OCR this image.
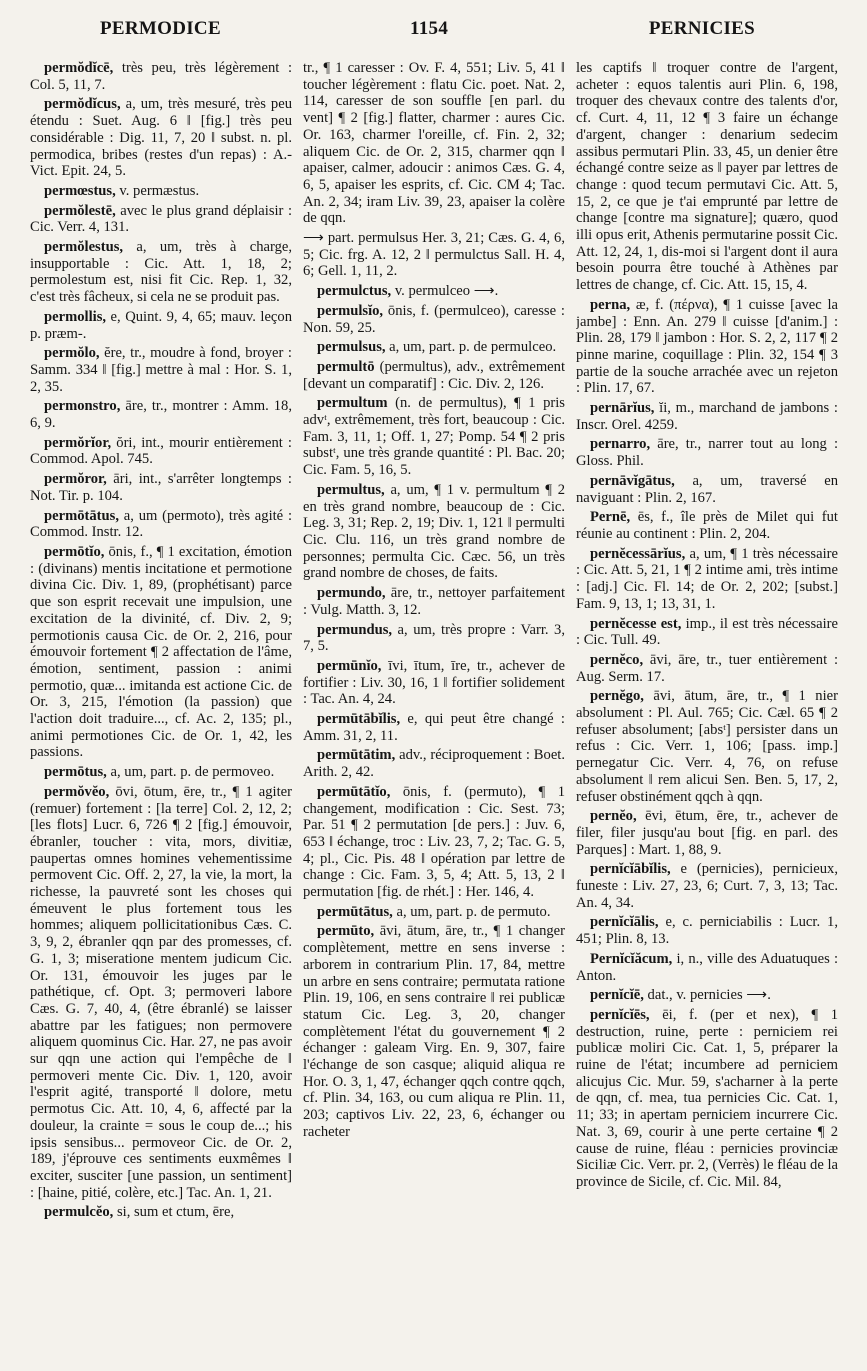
PERMODICE	1154	PERNICIES

permŏdĭcē, très peu, très légèrement : Col. 5, 11, 7.

permŏdĭcus, a, um, très mesuré, très peu étendu : Suet. Aug. 6 ‖ [fig.] très peu considérable : Dig. 11, 7, 20 ‖ subst. n. pl. permodica, bribes (restes d'un repas) : A.-Vict. Epit. 24, 5.

permœstus, v. permæstus.

permŏlestē, avec le plus grand déplaisir : Cic. Verr. 4, 131.

permŏlestus, a, um, très à charge, insupportable : Cic. Att. 1, 18, 2; permolestum est, nisi fit Cic. Rep. 1, 32, c'est très fâcheux, si cela ne se produit pas.

permollis, e, Quint. 9, 4, 65; mauv. leçon p. præm-.

permŏlo, ĕre, tr., moudre à fond, broyer : Samm. 334 ‖ [fig.] mettre à mal : Hor. S. 1, 2, 35.

permonstro, āre, tr., montrer : Amm. 18, 6, 9.

permŏrĭor, ŏri, int., mourir entièrement : Commod. Apol. 745.

permŏror, āri, int., s'arrêter longtemps : Not. Tir. p. 104.

permōtātus, a, um (permoto), très agité : Commod. Instr. 12.

permōtĭo, ōnis, f., ¶ 1 excitation, émotion : (divinans) mentis incitatione et permotione divina Cic. Div. 1, 89, (prophétisant) parce que son esprit recevait une impulsion, une excitation de la divinité, cf. Div. 2, 9; permotionis causa Cic. de Or. 2, 216, pour émouvoir fortement ¶ 2 affectation de l'âme, émotion, sentiment, passion : animi permotio, quæ... imitanda est actione Cic. de Or. 3, 215, l'émotion (la passion) que l'action doit traduire..., cf. Ac. 2, 135; pl., animi permotiones Cic. de Or. 1, 42, les passions.

permōtus, a, um, part. p. de permoveo.

permŏvĕo, ōvi, ōtum, ēre, tr., ¶ 1 agiter (remuer) fortement : [la terre] Col. 2, 12, 2; [les flots] Lucr. 6, 726 ¶ 2 [fig.] émouvoir, ébranler, toucher : vita, mors, divitiæ, paupertas omnes homines vehementissime permovent Cic. Off. 2, 27, la vie, la mort, la richesse, la pauvreté sont les choses qui émeuvent le plus fortement tous les hommes; aliquem pollicitationibus Cæs. C. 3, 9, 2, ébranler qqn par des promesses, cf. G. 1, 3; miseratione mentem judicum Cic. Or. 131, émouvoir les juges par le pathétique, cf. Opt. 3; permoveri labore Cæs. G. 7, 40, 4, (être ébranlé) se laisser abattre par les fatigues; non permovere aliquem quominus Cic. Har. 27, ne pas avoir sur qqn une action qui l'empêche de ‖ permoveri mente Cic. Div. 1, 120, avoir l'esprit agité, transporté ‖ dolore, metu permotus Cic. Att. 10, 4, 6, affecté par la douleur, la crainte = sous le coup de...; his ipsis sensibus... permoveor Cic. de Or. 2, 189, j'éprouve ces sentiments euxmêmes ‖ exciter, susciter [une passion, un sentiment] : [haine, pitié, colère, etc.] Tac. An. 1, 21.

permulcĕo, si, sum et ctum, ēre,

tr., ¶ 1 caresser : Ov. F. 4, 551; Liv. 5, 41 ‖ toucher légèrement : flatu Cic. poet. Nat. 2, 114, caresser de son souffle [en parl. du vent] ¶ 2 [fig.] flatter, charmer : aures Cic. Or. 163, charmer l'oreille, cf. Fin. 2, 32; aliquem Cic. de Or. 2, 315, charmer qqn ‖ apaiser, calmer, adoucir : animos Cæs. G. 4, 6, 5, apaiser les esprits, cf. Cic. CM 4; Tac. An. 2, 34; iram Liv. 39, 23, apaiser la colère de qqn.

⟶ part. permulsus Her. 3, 21; Cæs. G. 4, 6, 5; Cic. frg. A. 12, 2 ‖ permulctus Sall. H. 4, 6; Gell. 1, 11, 2.

permulctus, v. permulceo ⟶.

permulsĭo, ōnis, f. (permulceo), caresse : Non. 59, 25.

permulsus, a, um, part. p. de permulceo.

permultō (permultus), adv., extrêmement [devant un comparatif] : Cic. Div. 2, 126.

permultum (n. de permultus), ¶ 1 pris advᵗ, extrêmement, très fort, beaucoup : Cic. Fam. 3, 11, 1; Off. 1, 27; Pomp. 54 ¶ 2 pris substᵗ, une très grande quantité : Pl. Bac. 20; Cic. Fam. 5, 16, 5.

permultus, a, um, ¶ 1 v. permultum ¶ 2 en très grand nombre, beaucoup de : Cic. Leg. 3, 31; Rep. 2, 19; Div. 1, 121 ‖ permulti Cic. Clu. 116, un très grand nombre de personnes; permulta Cic. Cæc. 56, un très grand nombre de choses, de faits.

permundo, āre, tr., nettoyer parfaitement : Vulg. Matth. 3, 12.

permundus, a, um, très propre : Varr. 3, 7, 5.

permūnĭo, īvi, ītum, īre, tr., achever de fortifier : Liv. 30, 16, 1 ‖ fortifier solidement : Tac. An. 4, 24.

permūtābĭlis, e, qui peut être changé : Amm. 31, 2, 11.

permūtātim, adv., réciproquement : Boet. Arith. 2, 42.

permūtātĭo, ōnis, f. (permuto), ¶ 1 changement, modification : Cic. Sest. 73; Par. 51 ¶ 2 permutation [de pers.] : Juv. 6, 653 ‖ échange, troc : Liv. 23, 7, 2; Tac. G. 5, 4; pl., Cic. Pis. 48 ‖ opération par lettre de change : Cic. Fam. 3, 5, 4; Att. 5, 13, 2 ‖ permutation [fig. de rhét.] : Her. 146, 4.

permūtātus, a, um, part. p. de permuto.

permūto, āvi, ātum, āre, tr., ¶ 1 changer complètement, mettre en sens inverse : arborem in contrarium Plin. 17, 84, mettre un arbre en sens contraire; permutata ratione Plin. 19, 106, en sens contraire ‖ rei publicæ statum Cic. Leg. 3, 20, changer complètement l'état du gouvernement ¶ 2 échanger : galeam Virg. En. 9, 307, faire l'échange de son casque; aliquid aliqua re Hor. O. 3, 1, 47, échanger qqch contre qqch, cf. Plin. 34, 163, ou cum aliqua re Plin. 11, 203; captivos Liv. 22, 23, 6, échanger ou racheter

les captifs ‖ troquer contre de l'argent, acheter : equos talentis auri Plin. 6, 198, troquer des chevaux contre des talents d'or, cf. Curt. 4, 11, 12 ¶ 3 faire un échange d'argent, changer : denarium sedecim assibus permutari Plin. 33, 45, un denier être échangé contre seize as ‖ payer par lettres de change : quod tecum permutavi Cic. Att. 5, 15, 2, ce que je t'ai emprunté par lettre de change [contre ma signature]; quæro, quod illi opus erit, Athenis permutarine possit Cic. Att. 12, 24, 1, dis-moi si l'argent dont il aura besoin pourra être touché à Athènes par lettres de change, cf. Cic. Att. 15, 15, 4.

perna, æ, f. (πέρνα), ¶ 1 cuisse [avec la jambe] : Enn. An. 279 ‖ cuisse [d'anim.] : Plin. 28, 179 ‖ jambon : Hor. S. 2, 2, 117 ¶ 2 pinne marine, coquillage : Plin. 32, 154 ¶ 3 partie de la souche arrachée avec un rejeton : Plin. 17, 67.

pernārĭus, ĭi, m., marchand de jambons : Inscr. Orel. 4259.

pernarro, āre, tr., narrer tout au long : Gloss. Phil.

pernāvĭgātus, a, um, traversé en naviguant : Plin. 2, 167.

Pernē, ēs, f., île près de Milet qui fut réunie au continent : Plin. 2, 204.

pernĕcessārĭus, a, um, ¶ 1 très nécessaire : Cic. Att. 5, 21, 1 ¶ 2 intime ami, très intime : [adj.] Cic. Fl. 14; de Or. 2, 202; [subst.] Fam. 9, 13, 1; 13, 31, 1.

pernĕcesse est, imp., il est très nécessaire : Cic. Tull. 49.

pernĕco, āvi, āre, tr., tuer entièrement : Aug. Serm. 17.

pernĕgo, āvi, ātum, āre, tr., ¶ 1 nier absolument : Pl. Aul. 765; Cic. Cæl. 65 ¶ 2 refuser absolument; [absᵗ] persister dans un refus : Cic. Verr. 1, 106; [pass. imp.] pernegatur Cic. Verr. 4, 76, on refuse absolument ‖ rem alicui Sen. Ben. 5, 17, 2, refuser obstinément qqch à qqn.

pernĕo, ēvi, ētum, ēre, tr., achever de filer, filer jusqu'au bout [fig. en parl. des Parques] : Mart. 1, 88, 9.

pernĭcĭābĭlis, e (pernicies), pernicieux, funeste : Liv. 27, 23, 6; Curt. 7, 3, 13; Tac. An. 4, 34.

pernĭcĭālis, e, c. perniciabilis : Lucr. 1, 451; Plin. 8, 13.

Pernĭcĭăcum, i, n., ville des Aduatuques : Anton.

pernĭcĭē, dat., v. pernicies ⟶.

pernĭcĭēs, ēi, f. (per et nex), ¶ 1 destruction, ruine, perte : perniciem rei publicæ moliri Cic. Cat. 1, 5, préparer la ruine de l'état; incumbere ad perniciem alicujus Cic. Mur. 59, s'acharner à la perte de qqn, cf. mea, tua pernicies Cic. Cat. 1, 11; 33; in apertam perniciem incurrere Cic. Nat. 3, 69, courir à une perte certaine ¶ 2 cause de ruine, fléau : pernicies provinciæ Siciliæ Cic. Verr. pr. 2, (Verrès) le fléau de la province de Sicile, cf. Cic. Mil. 84,
